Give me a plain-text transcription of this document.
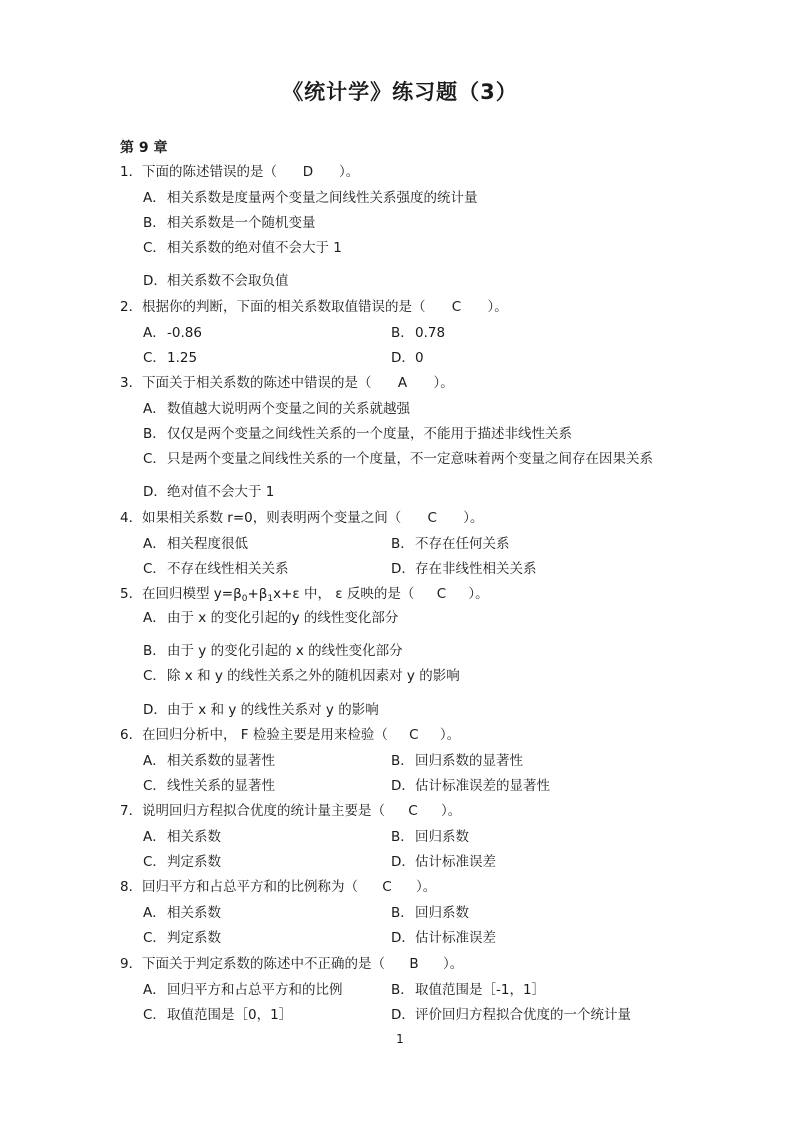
《统计学》练习题（3）
第 9 章
1．下面的陈述错误的是（ D ）。
A．相关系数是度量两个变量之间线性关系强度的统计量
B．相关系数是一个随机变量
C．相关系数的绝对值不会大于 1
D．相关系数不会取负值
2．根据你的判断，下面的相关系数取值错误的是（ C ）。
A．-0.86	B．0.78
C．1.25	D．0
3．下面关于相关系数的陈述中错误的是（ A ）。
A．数值越大说明两个变量之间的关系就越强
B．仅仅是两个变量之间线性关系的一个度量，不能用于描述非线性关系
C．只是两个变量之间线性关系的一个度量，不一定意味着两个变量之间存在因果关系
D．绝对值不会大于 1
4．如果相关系数 r=0，则表明两个变量之间（ C ）。
A．相关程度很低	B．不存在任何关系
C．不存在线性相关关系	D．存在非线性相关关系
5．在回归模型 $y=\beta_0+\beta_1x+\varepsilon$ 中， ε 反映的是（ C ）。
A．由于 x 的变化引起的y 的线性变化部分
B．由于 y 的变化引起的 x 的线性变化部分
C．除 x 和 y 的线性关系之外的随机因素对 y 的影响
D．由于 x 和 y 的线性关系对 y 的影响
6．在回归分析中， F 检验主要是用来检验（ C ）。
A．相关系数的显著性	B．回归系数的显著性
C．线性关系的显著性	D．估计标准误差的显著性
7．说明回归方程拟合优度的统计量主要是（ C ）。
A．相关系数	B．回归系数
C．判定系数	D．估计标准误差
8．回归平方和占总平方和的比例称为（ C ）。
A．相关系数	B．回归系数
C．判定系数	D．估计标准误差
9．下面关于判定系数的陈述中不正确的是（ B ）。
A．回归平方和占总平方和的比例	B．取值范围是［-1，1］
C．取值范围是［0，1］	D．评价回归方程拟合优度的一个统计量
1
